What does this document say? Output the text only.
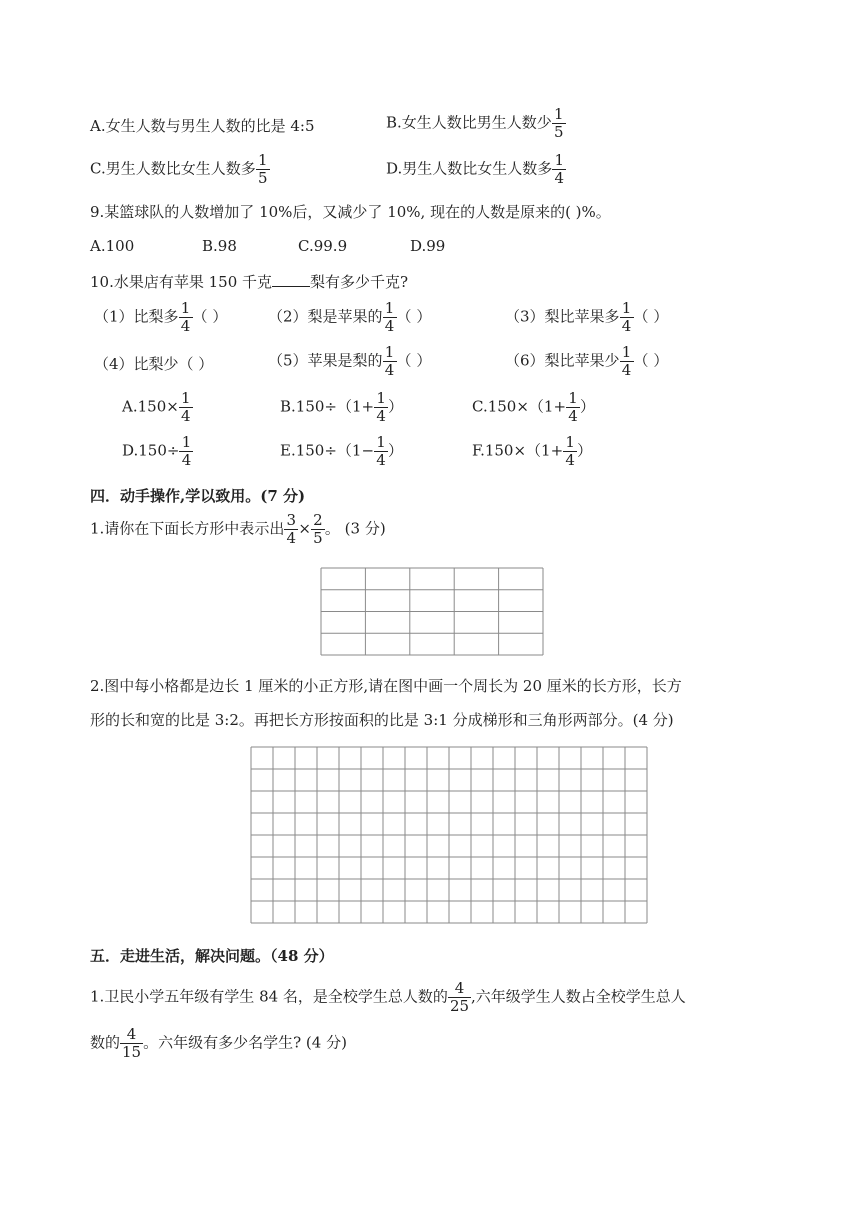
A.女生人数与男生人数的比是 4:5	B.女生人数比男生人数少 $\frac{1}{5}$
C.男生人数比女生人数多 $\frac{1}{5}$	D.男生人数比女生人数多 $\frac{1}{4}$
9.某篮球队的人数增加了 10%后，又减少了 10%, 现在的人数是原来的( )%。
A.100	B.98	C.99.9	D.99
10.水果店有苹果 150 千克	梨有多少千克?
（1）比梨多 $\frac{1}{4}$ （ ）	（2）梨是苹果的 $\frac{1}{4}$ （ ）	（3）梨比苹果多 $\frac{1}{4}$ （ ）
（4）比梨少（ ）	（5）苹果是梨的 $\frac{1}{4}$ （ ）	（6）梨比苹果少 $\frac{1}{4}$ （ ）
$A.150\times \frac{1}{4}$	$B.150\div(1+ \frac{1}{4}$ ）	$C.150\times(1+ \frac{1}{4}$ ）
$D.150\div \frac{1}{4}$	$E.150\div(1- \frac{1}{4}$ ）	$F.150\times(1+ \frac{1}{4}$ ）
四．动手操作,学以致用。(7 分)
1.请你在下面长方形中表示出 $\frac{3}{4} \times \frac{2}{5}$ 。 (3 分)
2.图中每小格都是边长 1 厘米的小正方形,请在图中画一个周长为 20 厘米的长方形，长方
形的长和宽的比是 3:2。再把长方形按面积的比是 3:1 分成梯形和三角形两部分。(4 分)
五．走进生活，解决问题。（48 分）
1.卫民小学五年级有学生 84 名，是全校学生总人数的 $\frac{4}{25}$ ,六年级学生人数占全校学生总人
数的 $\frac{4}{15}$ 。六年级有多少名学生? (4 分)
